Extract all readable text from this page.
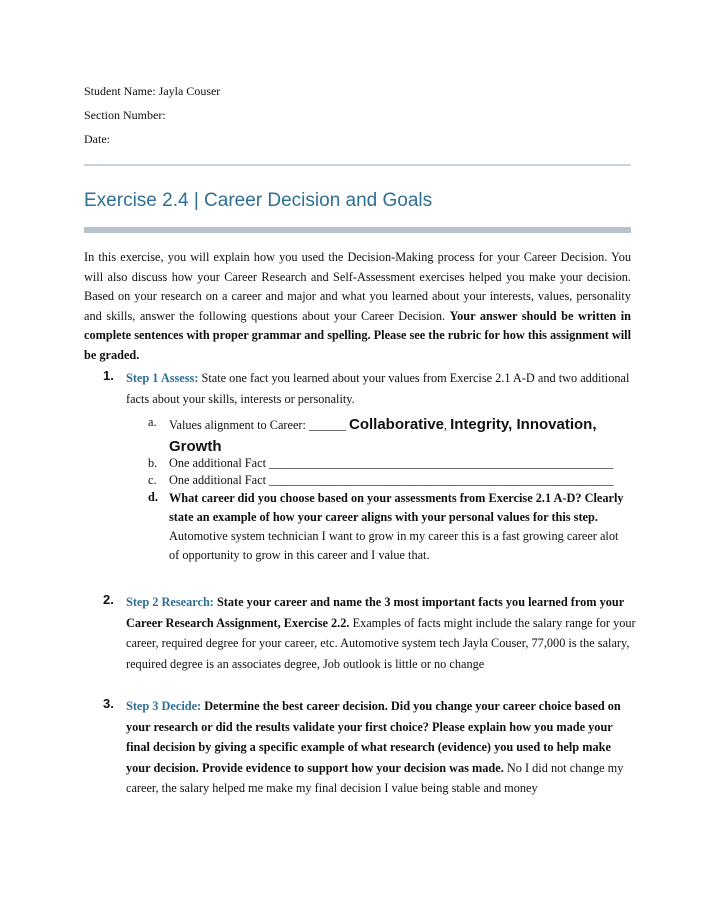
Student Name: Jayla Couser
Section Number:
Date:
Exercise 2.4 | Career Decision and Goals
In this exercise, you will explain how you used the Decision-Making process for your Career Decision. You will also discuss how your Career Research and Self-Assessment exercises helped you make your decision. Based on your research on a career and major and what you learned about your interests, values, personality and skills, answer the following questions about your Career Decision. Your answer should be written in complete sentences with proper grammar and spelling. Please see the rubric for how this assignment will be graded.
1. Step 1 Assess: State one fact you learned about your values from Exercise 2.1 A-D and two additional facts about your skills, interests or personality.
a.	Values alignment to Career: ______ Collaborative, Integrity, Innovation, Growth
b. One additional Fact ________________________________________________________
c.	One additional Fact ________________________________________________________
d. What career did you choose based on your assessments from Exercise 2.1 A-D? Clearly state an example of how your career aligns with your personal values for this step. Automotive system technician I want to grow in my career this is a fast growing career alot of opportunity to grow in this career and I value that.
2. Step 2 Research: State your career and name the 3 most important facts you learned from your Career Research Assignment, Exercise 2.2. Examples of facts might include the salary range for your career, required degree for your career, etc. Automotive system tech Jayla Couser, 77,000 is the salary, required degree is an associates degree, Job outlook is little or no change
3. Step 3 Decide: Determine the best career decision. Did you change your career choice based on your research or did the results validate your first choice? Please explain how you made your final decision by giving a specific example of what research (evidence) you used to help make your decision. Provide evidence to support how your decision was made. No I did not change my career, the salary helped me make my final decision I value being stable and money
